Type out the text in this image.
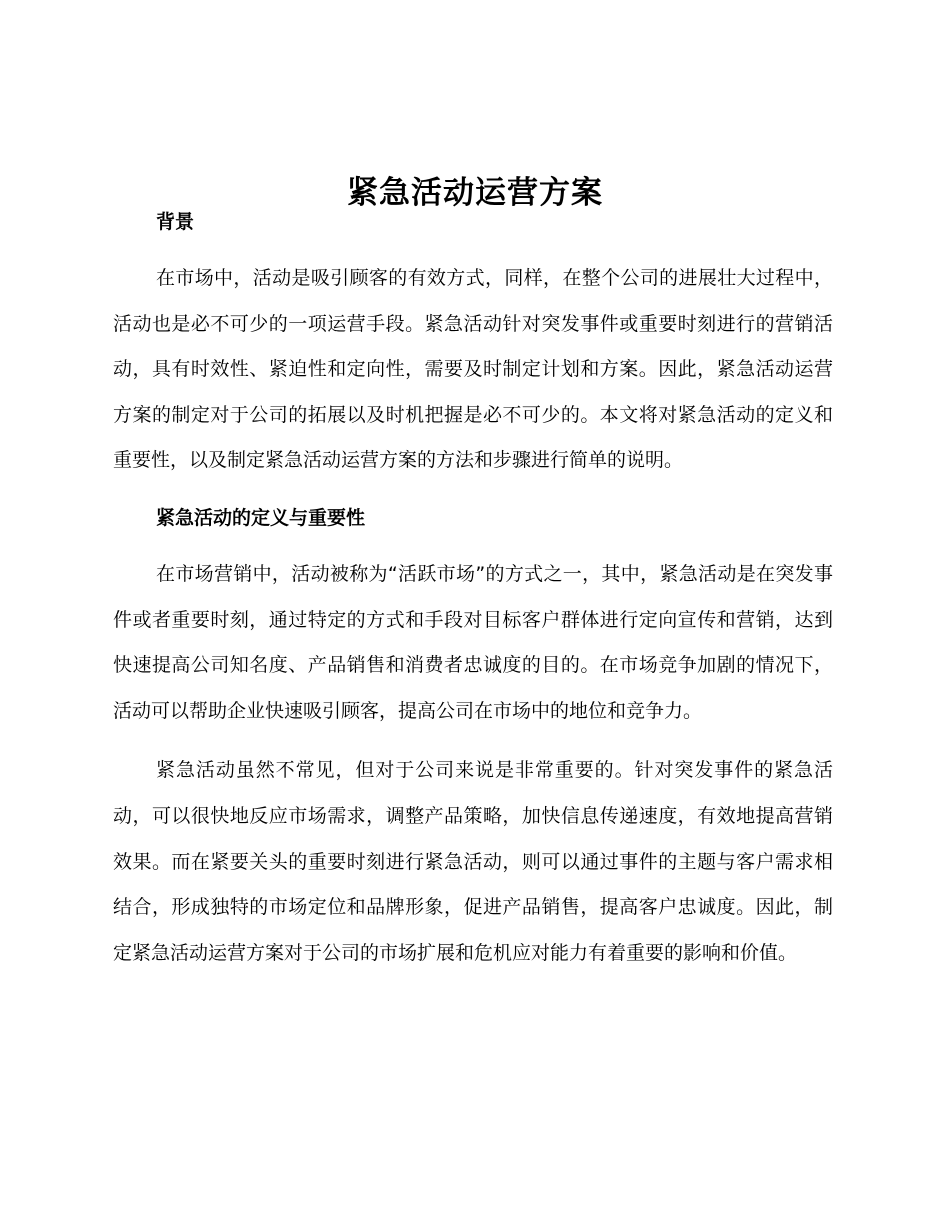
紧急活动运营方案
背景

在市场中，活动是吸引顾客的有效方式，同样，在整个公司的进展壮大过程中，活动也是必不可少的一项运营手段。紧急活动针对突发事件或重要时刻进行的营销活动，具有时效性、紧迫性和定向性，需要及时制定计划和方案。因此，紧急活动运营方案的制定对于公司的拓展以及时机把握是必不可少的。本文将对紧急活动的定义和重要性，以及制定紧急活动运营方案的方法和步骤进行简单的说明。

紧急活动的定义与重要性

在市场营销中，活动被称为“活跃市场”的方式之一，其中，紧急活动是在突发事件或者重要时刻，通过特定的方式和手段对目标客户群体进行定向宣传和营销，达到快速提高公司知名度、产品销售和消费者忠诚度的目的。在市场竞争加剧的情况下，活动可以帮助企业快速吸引顾客，提高公司在市场中的地位和竞争力。

紧急活动虽然不常见，但对于公司来说是非常重要的。针对突发事件的紧急活动，可以很快地反应市场需求，调整产品策略，加快信息传递速度，有效地提高营销效果。而在紧要关头的重要时刻进行紧急活动，则可以通过事件的主题与客户需求相结合，形成独特的市场定位和品牌形象，促进产品销售，提高客户忠诚度。因此，制定紧急活动运营方案对于公司的市场扩展和危机应对能力有着重要的影响和价值。
